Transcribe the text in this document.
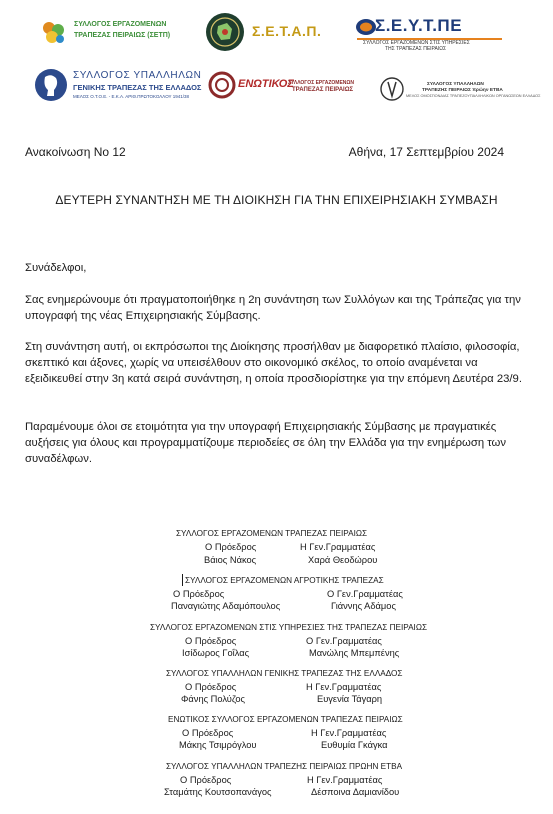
ΣΥΛΛΟΓΟΣ ΕΡΓΑΖΟΜΕΝΩΝ
ΤΡΑΠΕΖΑΣ ΠΕΙΡΑΙΩΣ (ΣΕΤΠ)	Σ.Ε.Τ.Α.Π.	Σ.Ε.Υ.Τ.ΠΕ
ΣΥΛΛΟΓΟΣ ΕΡΓΑΖΟΜΕΝΩΝ ΣΤΙΣ ΥΠΗΡΕΣΙΕΣ
ΤΗΣ ΤΡΑΠΕΖΑΣ ΠΕΙΡΑΙΩΣ
ΣΥΛΛΟΓΟΣ ΥΠΑΛΛΗΛΩΝ
ΓΕΝΙΚΗΣ ΤΡΑΠΕΖΑΣ ΤΗΣ ΕΛΛΑΔΟΣ
ΜΕΛΟΣ Ο.Τ.Ο.Ε. - Ε.Κ.Α. ΑΡΙΘ.ΠΡΩΤΟΚΟΛΛΟΥ 1941/38
ΕΝΩΤΙΚΟΣ
ΣΥΛΛΟΓΟΣ ΕΡΓΑΖΟΜΕΝΩΝ
ΤΡΑΠΕΖΑΣ ΠΕΙΡΑΙΩΣ
ΣΥΛΛΟΓΟΣ ΥΠΑΛΛΗΛΩΝ
ΤΡΑΠΕΖΗΣ ΠΕΙΡΑΙΩΣ πρώην ΕΤΒΑ
ΜΕΛΟΣ ΟΜΟΣΠΟΝΔΙΑΣ ΤΡΑΠΕΖΟΥΠΑΛΛΗΛΙΚΩΝ ΟΡΓΑΝΩΣΕΩΝ ΕΛΛΑΔΟΣ
Ανακοίνωση Νο 12	Αθήνα, 17 Σεπτεμβρίου 2024
ΔΕΥΤΕΡΗ ΣΥΝΑΝΤΗΣΗ ΜΕ ΤΗ ΔΙΟΙΚΗΣΗ ΓΙΑ ΤΗΝ ΕΠΙΧΕΙΡΗΣΙΑΚΗ ΣΥΜΒΑΣΗ

Συνάδελφοι,

Σας ενημερώνουμε ότι πραγματοποιήθηκε η 2η συνάντηση των Συλλόγων και της Τράπεζας για την υπογραφή της νέας Επιχειρησιακής Σύμβασης.

Στη συνάντηση αυτή, οι εκπρόσωποι της Διοίκησης προσήλθαν με διαφορετικό πλαίσιο, φιλοσοφία, σκεπτικό και άξονες, χωρίς να υπεισέλθουν στο οικονομικό σκέλος, το οποίο αναμένεται να εξειδικευθεί στην 3η κατά σειρά συνάντηση, η οποία προσδιορίστηκε για την επόμενη Δευτέρα 23/9.

Παραμένουμε όλοι σε ετοιμότητα για την υπογραφή Επιχειρησιακής Σύμβασης με πραγματικές αυξήσεις για όλους και προγραμματίζουμε περιοδείες σε όλη την Ελλάδα για την ενημέρωση των συναδέλφων.

ΣΥΛΛΟΓΟΣ ΕΡΓΑΖΟΜΕΝΩΝ ΤΡΑΠΕΖΑΣ ΠΕΙΡΑΙΩΣ
Ο Πρόεδρος	Η Γεν.Γραμματέας
Βάιος Νάκος	Χαρά Θεοδώρου
ΣΥΛΛΟΓΟΣ ΕΡΓΑΖΟΜΕΝΩΝ ΑΓΡΟΤΙΚΗΣ ΤΡΑΠΕΖΑΣ
Ο Πρόεδρος	Ο Γεν.Γραμματέας
Παναγιώτης Αδαμόπουλος	Γιάννης Αδάμος
ΣΥΛΛΟΓΟΣ ΕΡΓΑΖΟΜΕΝΩΝ ΣΤΙΣ ΥΠΗΡΕΣΙΕΣ ΤΗΣ ΤΡΑΠΕΖΑΣ ΠΕΙΡΑΙΩΣ
Ο Πρόεδρος	Ο Γεν.Γραμματέας
Ισίδωρος Γοΐλας	Μανώλης Μπεμπένης
ΣΥΛΛΟΓΟΣ ΥΠΑΛΛΗΛΩΝ ΓΕΝΙΚΗΣ ΤΡΑΠΕΖΑΣ ΤΗΣ ΕΛΛΑΔΟΣ
Ο Πρόεδρος	Η Γεν.Γραμματέας
Φάνης Πολύζος	Ευγενία Τάγαρη
ΕΝΩΤΙΚΟΣ ΣΥΛΛΟΓΟΣ ΕΡΓΑΖΟΜΕΝΩΝ ΤΡΑΠΕΖΑΣ ΠΕΙΡΑΙΩΣ
Ο Πρόεδρος	Η Γεν.Γραμματέας
Μάκης Τσιμρόγλου	Ευθυμία Γκάγκα
ΣΥΛΛΟΓΟΣ ΥΠΑΛΛΗΛΩΝ ΤΡΑΠΕΖΗΣ ΠΕΙΡΑΙΩΣ ΠΡΩΗΝ ΕΤΒΑ
Ο Πρόεδρος	Η Γεν.Γραμματέας
Σταμάτης Κουτσοπανάγος	Δέσποινα Δαμιανίδου
